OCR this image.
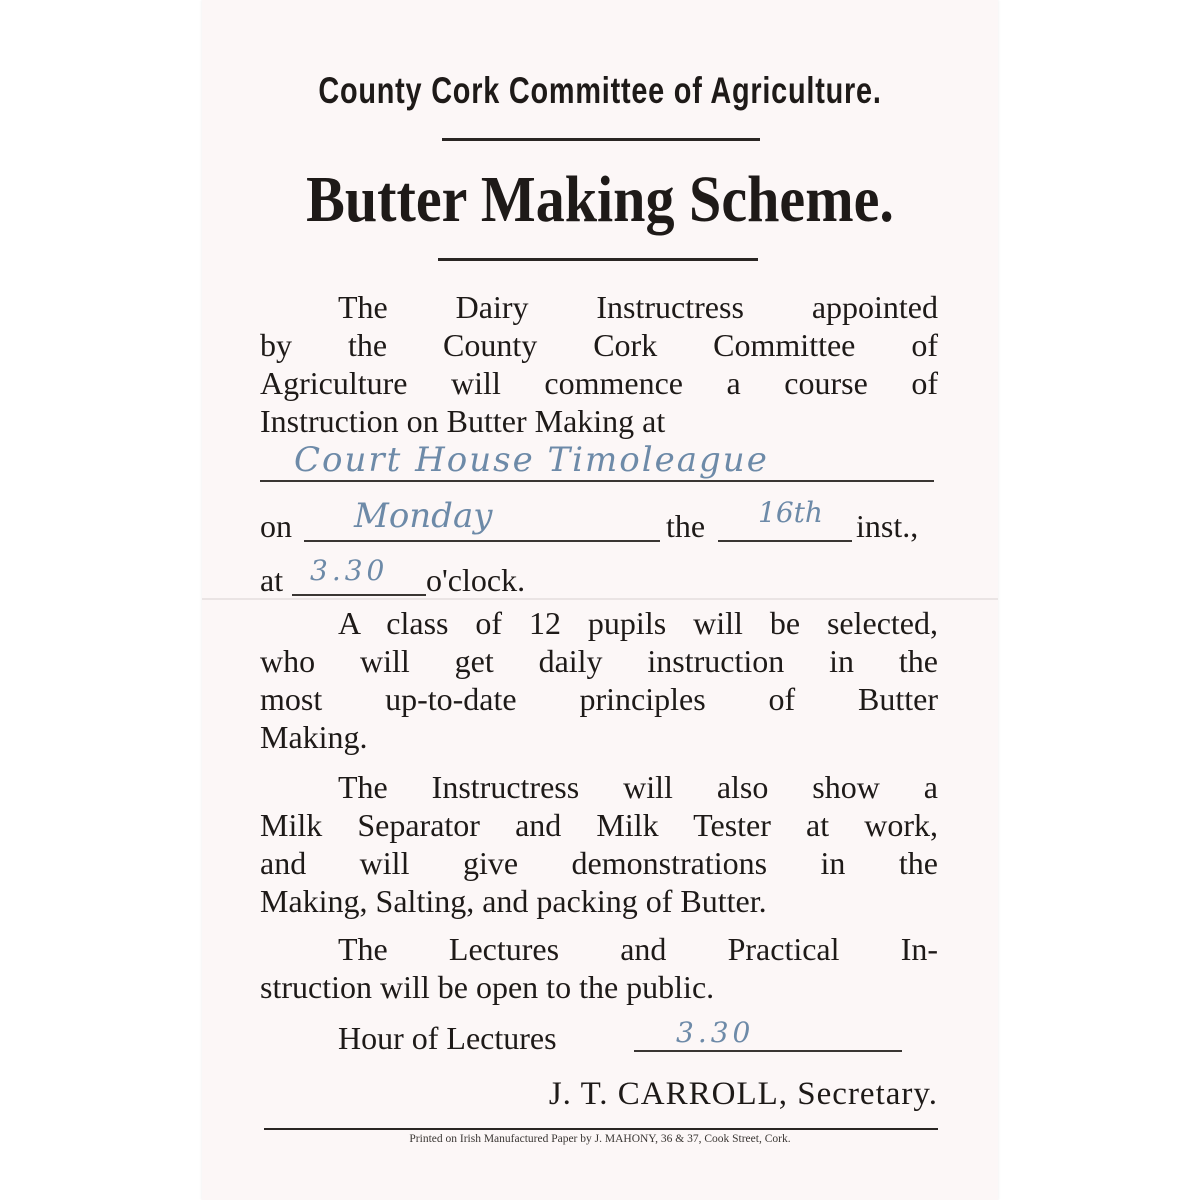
County Cork Committee of Agriculture.
Butter Making Scheme.
The Dairy Instructress appointed
by the County Cork Committee of
Agriculture will commence a course of
Instruction on Butter Making at
Court House Timoleague
on	the	inst.,
Monday	16th
at	o'clock.
3.30
A class of 12 pupils will be selected,
who will get daily instruction in the
most up-to-date principles of Butter
Making.
The Instructress will also show a
Milk Separator and Milk Tester at work,
and will give demonstrations in the
Making, Salting, and packing of Butter.
The Lectures and Practical In-
struction will be open to the public.
Hour of Lectures	3.30
J. T. CARROLL, Secretary.
Printed on Irish Manufactured Paper by J. MAHONY, 36 & 37, Cook Street, Cork.
